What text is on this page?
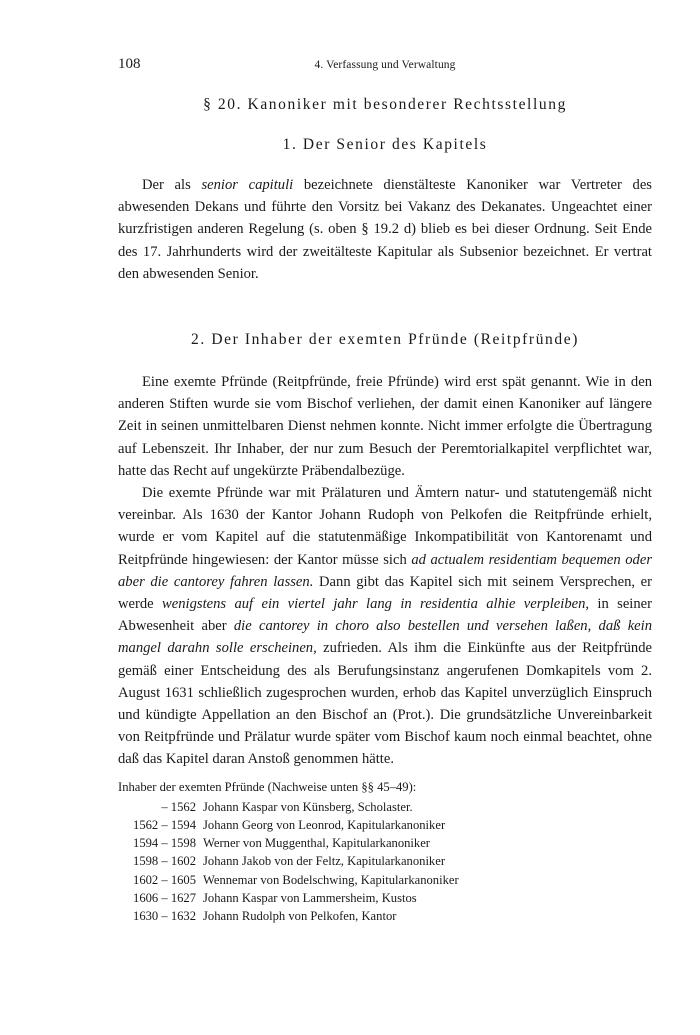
108	4. Verfassung und Verwaltung
§ 20. Kanoniker mit besonderer Rechtsstellung
1. Der Senior des Kapitels

Der als senior capituli bezeichnete dienstälteste Kanoniker war Vertreter des abwesenden Dekans und führte den Vorsitz bei Vakanz des Dekanates. Ungeachtet einer kurzfristigen anderen Regelung (s. oben § 19.2 d) blieb es bei dieser Ordnung. Seit Ende des 17. Jahrhunderts wird der zweitälteste Kapitular als Subsenior bezeichnet. Er vertrat den abwesenden Senior.

2. Der Inhaber der exemten Pfründe (Reitpfründe)

Eine exemte Pfründe (Reitpfründe, freie Pfründe) wird erst spät genannt. Wie in den anderen Stiften wurde sie vom Bischof verliehen, der damit einen Kanoniker auf längere Zeit in seinen unmittelbaren Dienst nehmen konnte. Nicht immer erfolgte die Übertragung auf Lebenszeit. Ihr Inhaber, der nur zum Besuch der Peremtorialkapitel verpflichtet war, hatte das Recht auf ungekürzte Präbendalbezüge.

Die exemte Pfründe war mit Prälaturen und Ämtern natur- und statutengemäß nicht vereinbar. Als 1630 der Kantor Johann Rudoph von Pelkofen die Reitpfründe erhielt, wurde er vom Kapitel auf die statutenmäßige Inkompatibilität von Kantorenamt und Reitpfründe hingewiesen: der Kantor müsse sich ad actualem residentiam bequemen oder aber die cantorey fahren lassen. Dann gibt das Kapitel sich mit seinem Versprechen, er werde wenigstens auf ein viertel jahr lang in residentia alhie verpleiben, in seiner Abwesenheit aber die cantorey in choro also bestellen und versehen laßen, daß kein mangel darahn solle erscheinen, zufrieden. Als ihm die Einkünfte aus der Reitpfründe gemäß einer Entscheidung des als Berufungsinstanz angerufenen Domkapitels vom 2. August 1631 schließlich zugesprochen wurden, erhob das Kapitel unverzüglich Einspruch und kündigte Appellation an den Bischof an (Prot.). Die grundsätzliche Unvereinbarkeit von Reitpfründe und Prälatur wurde später vom Bischof kaum noch einmal beachtet, ohne daß das Kapitel daran Anstoß genommen hätte.

Inhaber der exemten Pfründe (Nachweise unten §§ 45–49):

– 1562 Johann Kaspar von Künsberg, Scholaster.
1562 – 1594 Johann Georg von Leonrod, Kapitularkanoniker
1594 – 1598 Werner von Muggenthal, Kapitularkanoniker
1598 – 1602 Johann Jakob von der Feltz, Kapitularkanoniker
1602 – 1605 Wennemar von Bodelschwing, Kapitularkanoniker
1606 – 1627 Johann Kaspar von Lammersheim, Kustos
1630 – 1632 Johann Rudolph von Pelkofen, Kantor
